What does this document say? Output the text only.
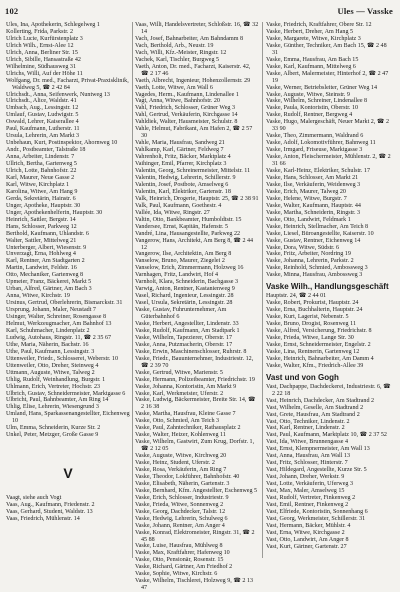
102	Ules — Vasske

Ules, Ina, Apothekerin, Schlegelweg 1

Kollerting, Frida, Parkstr. 2

Ulrich Lucie, Kurfürstenplatz 3

Ulrich Wilh., Ernst-Alee 12

Ulrich, Anna, Berliner Str. 15

Ulrich, Sibille, Hansastraße 42

Wilhelmine, Südhausweg 31

Ulrichs, Willi, Auf der Höhe 11

Wolfgang, Dr. med., Facharzt, Privat-Praxisklinik, Waldweg 5, ☎ 2 42 84

Ulrichsdt., Anna, Seifenwerk, Nuntweg 13

Ulrichsdt., Alice, Waldstr. 41

Umbach, Aug., Lessingstr. 12

Umlauf, Gustav, Ludwigstr. 5

Oswald, Lehrer, Kaiserallee 4

Paul, Kaufmann, Lutherstr. 11

Ursula, Lehrerin, Am Markt 3

Unbehaun, Kurt, Postinspektor, Ahornweg 10

Andr., Postbeamter, Talstraße 18

Anna, Arbeiter, Lindenstr. 7

Ullrich, Bertha, Gartenweg 5

Ulrich, Lotte, Bahnhofstr. 22

Karl, Maurer, Neue Gasse 2

Karl, Witwe, Kirchplatz 1

Karolina, Witwe, Am Hang 9

Gerda, Sekretärin, Hainstr. 6

Unger, Apotheke, Hauptstr. 30

Unger, Apothekenhelferin, Hauptstr. 30

Heinrich, Sattler, Bergstr. 14

Hans, Schlosser, Parkweg 12

Berthold, Kaufmann, Uhlandstr. 6

Walter, Sattler, Mittelweg 21

Unterberger, Albert, Wiesenstr. 9

Unverzagt, Erna, Hohlweg 4

Karl, Rentner, Am Stadtgarten 2

Martin, Landwirt, Feldstr. 16

Otto, Mechaniker, Gartenweg 8

Upmeier, Franz, Bäckerei, Markt 5

Urban, Alfred, Gärtner, Am Bach 3

Anna, Witwe, Kirchstr. 19

Ursinus, Gertrud, Oberlehrerin, Bismarckstr. 31

Ursprung, Johann, Maler, Neustadt 7

Usinger, Walter, Schreiner, Rosengasse 8

Helmut, Werkzeugmacher, Am Bahnhof 13

Karl, Schuhmacher, Lindenplatz 2

Ludwig, Autohaus, Ringstr. 11, ☎ 2 35 67

Uthe, Maria, Näherin, Bachstr. 16

Uthe, Paul, Kaufmann, Lessingstr. 3

Uttenweiler, Friedr., Schlosserei, Weberstr. 10

Uttenweiler, Otto, Dreher, Steinweg 4

Uttmann, Auguste, Witwe, Talweg 2

Uhlig, Rudolf, Weinhandlung, Burgstr. 1

Uhlmann, Erich, Vertreter, Hochstr. 23

Ulbrich, Gustav, Schneidermeister, Marktgasse 6

Ulbricht, Paul, Bahnbeamter, Am Ring 14

Uhlig, Elise, Lehrerin, Wiesengrund 3

Umland, Hans, Sparkassenangestellter, Eichenweg 10

Ulm, Emma, Schneiderin, Kurze Str. 2

Unkel, Peter, Metzger, Große Gasse 9

V

Vaagt, siehe auch Vogt

Vaas, Aug., Kaufmann, Friedenstr. 2

Vaas, Gerhard, Student, Waldstr. 13

Vaas, Friedrich, Mühlenstr. 14

Vaas, Willi, Handelsvertreter, Schloßstr. 16, ☎ 32 14

Vach, Josef, Bahnarbeiter, Am Bahndamm 8

Vach, Berthold, Arb., Neustr. 19

Vach, Willi, Kfz.-Meister, Ringstr. 12

Vachek, Karl, Tischler, Burgweg 5

Vaeth, Anton, Dr. med., Facharzt, Kaiserstr. 42, ☎ 2 17 46

Vaeth, Albrecht, Ingenieur, Hohenzollernstr. 29

Vaeth, Lotte, Witwe, Am Wall 6

Vagedes, Herm., Kaufmann, Lindenallee 1

Vagt, Anna, Witwe, Bahnhofstr. 20

Vahl, Friedrich, Schlosser, Grüner Weg 3

Vahl, Gertrud, Verkäuferin, Kirchgasse 14

Vahldiek, Walter, Hausmeister, Schulstr. 8

Vahle, Helmut, Fabrikant, Am Hafen 2, ☎ 2 57 30

Vahle, Maria, Hausfrau, Sandweg 21

Vahlkamp, Karl, Gärtner, Feldweg 7

Vahrenholt, Fritz, Bäcker, Marktplatz 4

Vaihinger, Emil, Pfarrer, Kirchplatz 3

Valentin, Georg, Schreinermeister, Mittelstr. 11

Valentin, Hedwig, Lehrerin, Schillerstr. 9

Valentin, Josef, Postbote, Amselweg 6

Valentin, Karl, Elektriker, Gartenstr. 18

Valk, Heinrich, Drogerie, Hauptstr. 25, ☎ 2 38 91

Valk, Paul, Kaufmann, Goethestr. 4

Vallée, Ida, Witwe, Ringstr. 27

Valtin, Otto, Bankbeamter, Humboldtstr. 15

Vandersee, Ernst, Kapitän, Hafenstr. 5

Vandré, Lina, Hausangestellte, Parkweg 22

Vangerow, Hans, Architekt, Am Berg 8, ☎ 2 44 12

Vangerow, Ilse, Architektin, Am Berg 8

Vanselow, Bruno, Maurer, Ziegelei 2

Vanselow, Erich, Zimmermann, Holzweg 16

Varnhagen, Fritz, Landwirt, Hof 4

Varnholt, Klara, Schneiderin, Bachgasse 3

Varwig, Anton, Rentner, Kastanienweg 9

Vasel, Richard, Ingenieur, Lessingstr. 28

Vasel, Ursula, Sekretärin, Lessingstr. 28

Vaske, Gustav, Fuhrunternehmer, Am Güterbahnhof 6

Vaske, Herbert, Angestellter, Lindenstr. 33

Vaske, Rudolf, Kaufmann, Am Stadtpark 1

Vaske, Wilhelm, Tapezierer, Oberstr. 17

Vaske, Anna, Putzmacherin, Oberstr. 17

Vaske, Erwin, Maschinenschlosser, Ruhrstr. 8

Vaske, Friedr., Bauunternehmer, Industriestr. 12, ☎ 2 39 70

Vaske, Gertrud, Witwe, Marienstr. 5

Vaske, Hermann, Polizeibeamter, Friedrichstr. 19

Vaske, Johanna, Kontoristin, Am Markt 9

Vaske, Karl, Werkmeister, Uferstr. 2

Vaske, Ludwig, Bäckermeister, Breite Str. 14, ☎ 2 16 38

Vaske, Martha, Hausfrau, Kleine Gasse 7

Vaske, Otto, Schmied, Am Teich 3

Vaske, Paul, Zahntechniker, Rathausplatz 2

Vaske, Walter, Heizer, Kohlenweg 11

Vaske, Wilhelm, Gastwirt, Zum Krug, Dorfstr. 1, ☎ 2 12 05

Vaske, Auguste, Witwe, Kirchweg 20

Vaske, Heinz, Student, Uferstr. 2

Vaske, Rosa, Verkäuferin, Am Ring 7

Vaske, Theodor, Lokführer, Bahnhofstr. 40

Vaske, Elisabeth, Näherin, Gartenstr. 3

Vaske, Bernhard, Kfm. Angestellter, Eschenweg 5

Vaske, Erich, Schlosser, Industriestr. 9

Vaske, Frieda, Witwe, Sonnenweg 2

Vaske, Georg, Dachdecker, Talstr. 12

Vaske, Hedwig, Lehrerin, Schulweg 6

Vaske, Johann, Rentner, Am Anger 4

Vaske, Konrad, Elektromeister, Ringstr. 31, ☎ 2 45 88

Vaske, Luise, Hausfrau, Mühlweg 8

Vaske, Max, Kraftfahrer, Hafenweg 10

Vaske, Otto, Pensionär, Rosenstr. 15

Vaske, Richard, Gärtner, Am Friedhof 2

Vaske, Sophie, Witwe, Kirchstr. 6

Vaske, Wilhelm, Tischlerei, Holzweg 9, ☎ 2 13 47

Vaske, Friedrich, Kraftfahrer, Obere Str. 12

Vaske, Herbert, Dreher, Am Hang 5

Vaske, Margarete, Witwe, Kirchplatz 3

Vaske, Günther, Techniker, Am Bach 15, ☎ 2 48 31

Vaske, Emma, Hausfrau, Am Bach 15

Vaske, Karl, Kaufmann, Mittelweg 6

Vaske, Albert, Malermeister, Hinterhof 2, ☎ 2 47 19

Vaske, Werner, Betriebsleiter, Grüner Weg 14

Vaske, Auguste, Witwe, Steinstr. 9

Vaske, Wilhelm, Schreiner, Lindenallee 8

Vaske, Paula, Kontoristin, Oberstr. 10

Vaske, Rudolf, Rentner, Bergweg 4

Vaske, Hugo, Malergeschäft, Neuer Markt 2, ☎ 2 33 90

Vaske, Theo, Zimmermann, Waldrand 6

Vaske, Adolf, Lokomotivführer, Bahnweg 11

Vaske, Irmgard, Friseuse, Marktgasse 3

Vaske, Anton, Fleischermeister, Mühlenstr. 2, ☎ 2 31 66

Vaske, Karl-Heinz, Elektriker, Schulstr. 17

Vaske, Hans, Schlosser, Am Markt 21

Vaske, Ilse, Verkäuferin, Weidenweg 3

Vaske, Erich, Maurer, Talweg 20

Vaske, Helene, Witwe, Burgstr. 7

Vaske, Walter, Kaufmann, Hauptstr. 44

Vaske, Martha, Schneiderin, Ringstr. 3

Vaske, Otto, Landwirt, Feldmark 1

Vaske, Heinrich, Stellmacher, Am Teich 8

Vaske, Liesel, Büroangestellte, Kaiserstr. 10

Vaske, Gustav, Rentner, Eichenweg 14

Vaske, Dora, Witwe, Südstr. 6

Vaske, Fritz, Arbeiter, Nordring 19

Vaske, Johanna, Lehrerin, Parkstr. 2

Vaske, Reinhold, Schmied, Ambossweg 3

Vaske, Minna, Hausfrau, Ambossweg 3

Vaske Wilh., Handlungsgeschäft

Hauptstr. 24, ☎ 2 44 01

Vaske, Robert, Prokurist, Hauptstr. 24

Vaske, Erna, Buchhalterin, Hauptstr. 24

Vaske, Kurt, Lagerist, Nebenstr. 5

Vaske, Bruno, Drogist, Rosenweg 11

Vaske, Alfred, Versicherung, Friedrichstr. 8

Vaske, Frieda, Witwe, Lange Str. 30

Vaske, Ernst, Schneidermeister, Engelstr. 2

Vaske, Lina, Rentnerin, Gartenweg 12

Vaske, Heinrich, Bahnarbeiter, Am Damm 4

Vaske, Walter, Kfm., Friedrich-Allee 39

Vast und von Gogh

Vast, Dachpappe, Dachdeckerei, Industriestr. 6, ☎ 2 22 18

Vast, Heinrich, Dachdecker, Am Stadtrand 2

Vast, Wilhelm, Geselle, Am Stadtrand 2

Vast, Grete, Hausfrau, Am Stadtrand 2

Vast, Otto, Techniker, Lindenstr. 2

Vast, Karl, Rentner, Lindenstr. 2

Vast, Paul, Kaufmann, Marktplatz 10, ☎ 2 37 52

Vast, Ida, Witwe, Brunnengasse 4

Vast, Ernst, Klempnermeister, Am Wall 13

Vast, Anna, Hausfrau, Am Wall 13

Vast, Fritz, Schlosser, Hinterstr. 7

Vast, Hildegard, Angestellte, Kurze Str. 5

Vast, Johann, Dreher, Werkstr. 9

Vast, Lotte, Verkäuferin, Uferweg 3

Vast, Max, Maler, Amselweg 15

Vast, Rudolf, Vertreter, Finkenweg 2

Vast, Emil, Rentner, Finkenweg 2

Vast, Elfriede, Kontoristin, Sonnenhang 6

Vast, Georg, Werkmeister, Schillerstr. 31

Vast, Hermann, Bäcker, Mühlstr. 4

Vast, Erna, Witwe, Kirchgasse 2

Vast, Otto, Landwirt, Am Anger 8

Vast, Kurt, Gärtner, Gartenstr. 27
